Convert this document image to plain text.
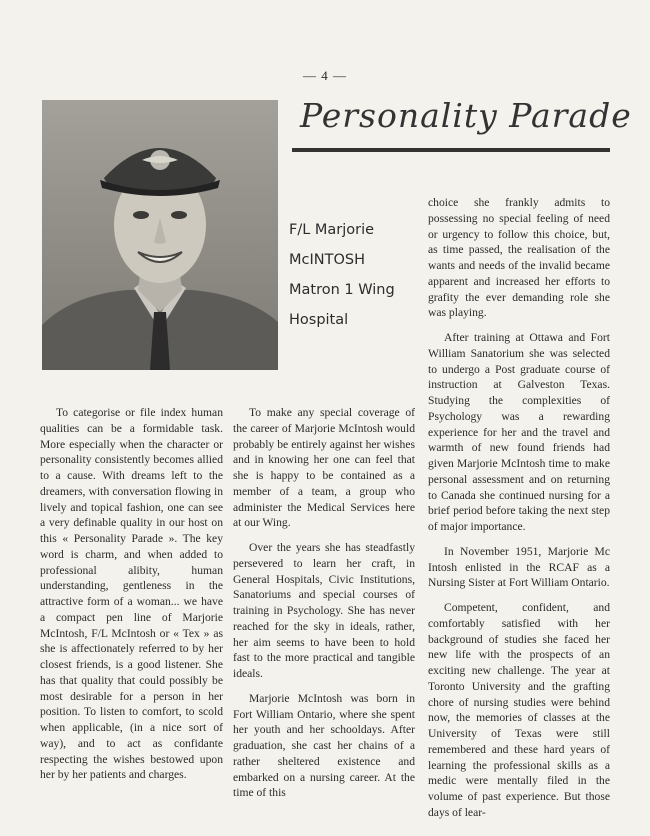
— 4 —
Personality Parade
F/L Marjorie
McINTOSH
Matron 1 Wing
Hospital

To categorise or file index human qualities can be a formidable task. More especially when the character or personality consistently becomes allied to a cause. With dreams left to the dreamers, with conversation flowing in lively and topical fashion, one can see a very definable quality in our host on this « Personality Parade ». The key word is charm, and when added to professional alibity, human understanding, gentleness in the attractive form of a woman... we have a compact pen line of Marjorie McIntosh, F/L McIntosh or « Tex » as she is affectionately referred to by her closest friends, is a good listener. She has that quality that could possibly be most desirable for a person in her position. To listen to comfort, to scold when applicable, (in a nice sort of way), and to act as confidante respecting the wishes bestowed upon her by her patients and charges.

To make any special coverage of the career of Marjorie McIntosh would probably be entirely against her wishes and in knowing her one can feel that she is happy to be contained as a member of a team, a group who administer the Medical Services here at our Wing.

Over the years she has steadfastly persevered to learn her craft, in General Hospitals, Civic Institutions, Sanatoriums and special courses of training in Psychology. She has never reached for the sky in ideals, rather, her aim seems to have been to hold fast to the more practical and tangible ideals.

Marjorie McIntosh was born in Fort William Ontario, where she spent her youth and her schooldays. After graduation, she cast her chains of a rather sheltered existence and embarked on a nursing career. At the time of this

choice she frankly admits to possessing no special feeling of need or urgency to follow this choice, but, as time passed, the realisation of the wants and needs of the invalid became apparent and increased her efforts to grafity the ever demanding role she was playing.

After training at Ottawa and Fort William Sanatorium she was selected to undergo a Post graduate course of instruction at Galveston Texas. Studying the complexities of Psychology was a rewarding experience for her and the travel and warmth of new found friends had given Marjorie McIntosh time to make personal assessment and on returning to Canada she continued nursing for a brief period before taking the next step of major importance.

In November 1951, Marjorie Mc Intosh enlisted in the RCAF as a Nursing Sister at Fort William Ontario.

Competent, confident, and comfortably satisfied with her background of studies she faced her new life with the prospects of an exciting new challenge. The year at Toronto University and the grafting chore of nursing studies were behind now, the memories of classes at the University of Texas were still remembered and these hard years of learning the professional skills as a medic were mentally filed in the volume of past experience. But those days of lear-
